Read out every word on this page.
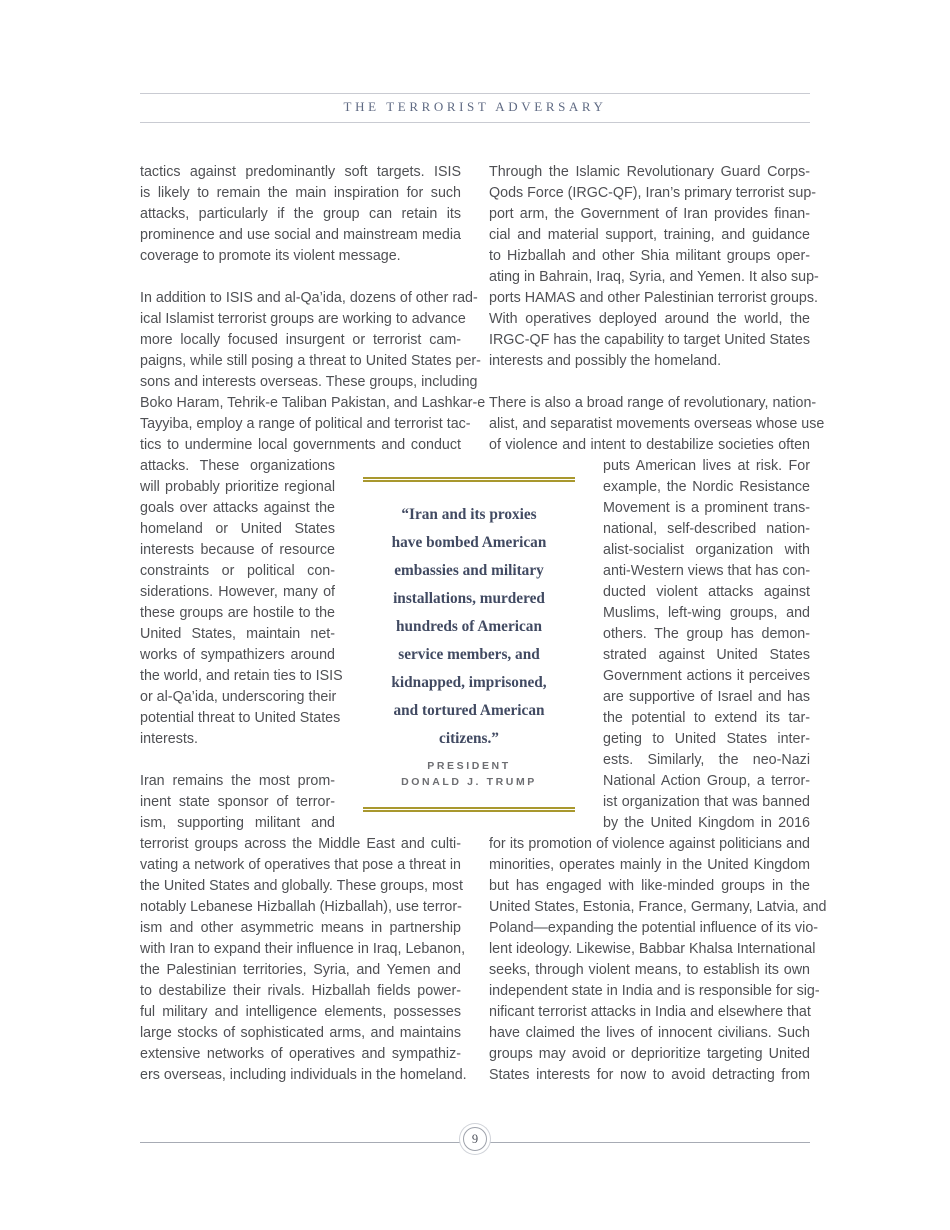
THE TERRORIST ADVERSARY
tactics against predominantly soft targets. ISIS
is likely to remain the main inspiration for such
attacks, particularly if the group can retain its
prominence and use social and mainstream media
coverage to promote its violent message.
In addition to ISIS and al-Qa’ida, dozens of other rad-
ical Islamist terrorist groups are working to advance
more locally focused insurgent or terrorist cam-
paigns, while still posing a threat to United States per-
sons and interests overseas. These groups, including
Boko Haram, Tehrik-e Taliban Pakistan, and Lashkar-e
Tayyiba, employ a range of political and terrorist tac-
tics to undermine local governments and conduct
attacks. These organizations
will probably prioritize regional
goals over attacks against the
homeland or United States
interests because of resource
constraints or political con-
siderations. However, many of
these groups are hostile to the
United States, maintain net-
works of sympathizers around
the world, and retain ties to ISIS
or al-Qa’ida, underscoring their
potential threat to United States
interests.
Iran remains the most prom-
inent state sponsor of terror-
ism, supporting militant and
terrorist groups across the Middle East and culti-
vating a network of operatives that pose a threat in
the United States and globally. These groups, most
notably Lebanese Hizballah (Hizballah), use terror-
ism and other asymmetric means in partnership
with Iran to expand their influence in Iraq, Lebanon,
the Palestinian territories, Syria, and Yemen and
to destabilize their rivals. Hizballah fields power-
ful military and intelligence elements, possesses
large stocks of sophisticated arms, and maintains
extensive networks of operatives and sympathiz-
ers overseas, including individuals in the homeland.
Through the Islamic Revolutionary Guard Corps-
Qods Force (IRGC-QF), Iran’s primary terrorist sup-
port arm, the Government of Iran provides finan-
cial and material support, training, and guidance
to Hizballah and other Shia militant groups oper-
ating in Bahrain, Iraq, Syria, and Yemen. It also sup-
ports HAMAS and other Palestinian terrorist groups.
With operatives deployed around the world, the
IRGC-QF has the capability to target United States
interests and possibly the homeland.
There is also a broad range of revolutionary, nation-
alist, and separatist movements overseas whose use
of violence and intent to destabilize societies often
puts American lives at risk. For
example, the Nordic Resistance
Movement is a prominent trans-
national, self-described nation-
alist-socialist organization with
anti-Western views that has con-
ducted violent attacks against
Muslims, left-wing groups, and
others. The group has demon-
strated against United States
Government actions it perceives
are supportive of Israel and has
the potential to extend its tar-
geting to United States inter-
ests. Similarly, the neo-Nazi
National Action Group, a terror-
ist organization that was banned
by the United Kingdom in 2016
for its promotion of violence against politicians and
minorities, operates mainly in the United Kingdom
but has engaged with like-minded groups in the
United States, Estonia, France, Germany, Latvia, and
Poland—expanding the potential influence of its vio-
lent ideology. Likewise, Babbar Khalsa International
seeks, through violent means, to establish its own
independent state in India and is responsible for sig-
nificant terrorist attacks in India and elsewhere that
have claimed the lives of innocent civilians. Such
groups may avoid or deprioritize targeting United
States interests for now to avoid detracting from
“Iran and its proxies
have bombed American
embassies and military
installations, murdered
hundreds of American
service members, and
kidnapped, imprisoned,
and tortured American
citizens.”
PRESIDENT
DONALD J. TRUMP
9
